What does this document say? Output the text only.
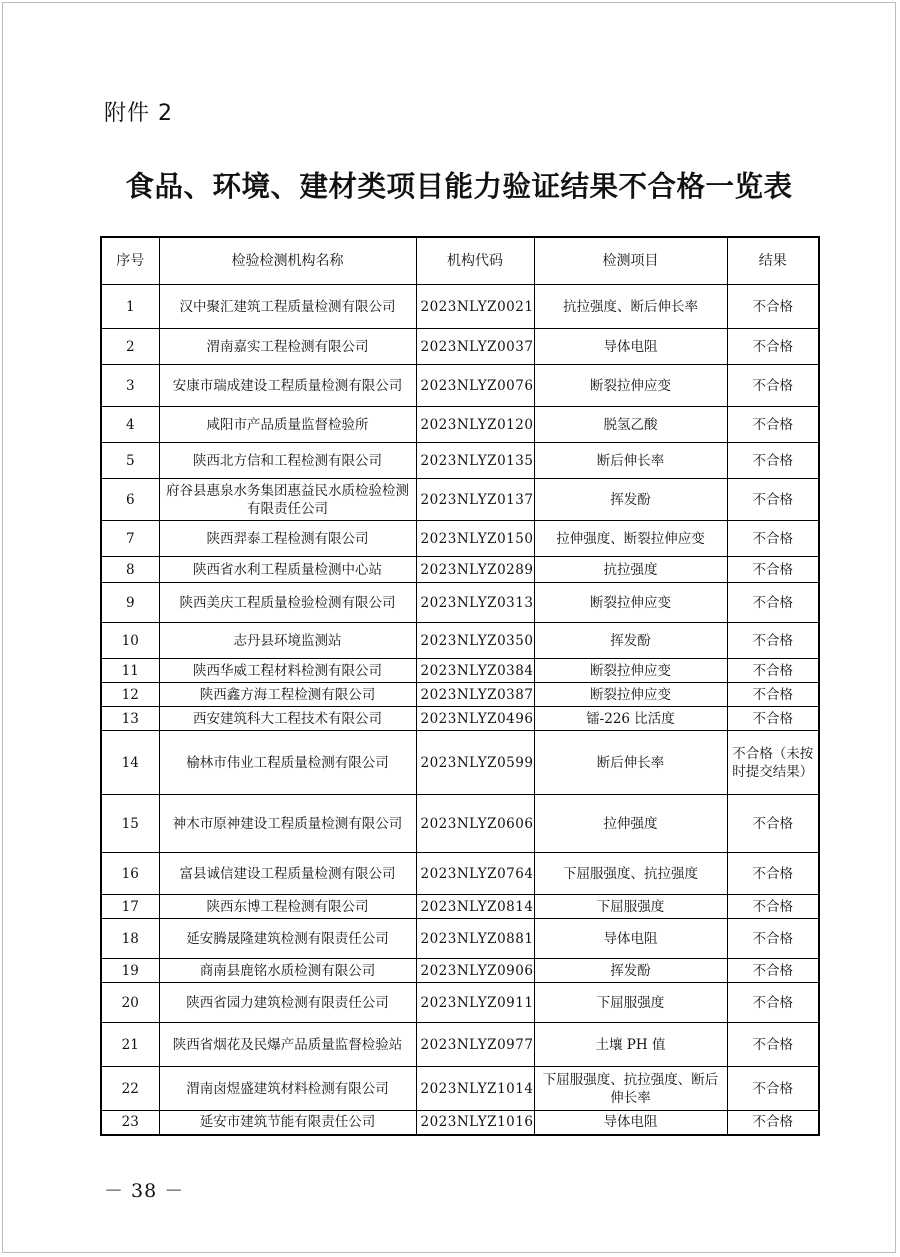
附件 2
食品、环境、建材类项目能力验证结果不合格一览表
序号	检验检测机构名称	机构代码	检测项目	结果
1	汉中聚汇建筑工程质量检测有限公司	2023NLYZ0021	抗拉强度、断后伸长率	不合格
2	渭南嘉实工程检测有限公司	2023NLYZ0037	导体电阻	不合格
3	安康市瑞成建设工程质量检测有限公司	2023NLYZ0076	断裂拉伸应变	不合格
4	咸阳市产品质量监督检验所	2023NLYZ0120	脱氢乙酸	不合格
5	陕西北方信和工程检测有限公司	2023NLYZ0135	断后伸长率	不合格
6	府谷县惠泉水务集团惠益民水质检验检测有限责任公司	2023NLYZ0137	挥发酚	不合格
7	陕西羿泰工程检测有限公司	2023NLYZ0150	拉伸强度、断裂拉伸应变	不合格
8	陕西省水利工程质量检测中心站	2023NLYZ0289	抗拉强度	不合格
9	陕西美庆工程质量检验检测有限公司	2023NLYZ0313	断裂拉伸应变	不合格
10	志丹县环境监测站	2023NLYZ0350	挥发酚	不合格
11	陕西华威工程材料检测有限公司	2023NLYZ0384	断裂拉伸应变	不合格
12	陕西鑫方海工程检测有限公司	2023NLYZ0387	断裂拉伸应变	不合格
13	西安建筑科大工程技术有限公司	2023NLYZ0496	镭-226 比活度	不合格
14	榆林市伟业工程质量检测有限公司	2023NLYZ0599	断后伸长率	不合格（未按时提交结果）
15	神木市原神建设工程质量检测有限公司	2023NLYZ0606	拉伸强度	不合格
16	富县诚信建设工程质量检测有限公司	2023NLYZ0764	下屈服强度、抗拉强度	不合格
17	陕西东博工程检测有限公司	2023NLYZ0814	下屈服强度	不合格
18	延安腾晟隆建筑检测有限责任公司	2023NLYZ0881	导体电阻	不合格
19	商南县鹿铭水质检测有限公司	2023NLYZ0906	挥发酚	不合格
20	陕西省园力建筑检测有限责任公司	2023NLYZ0911	下屈服强度	不合格
21	陕西省烟花及民爆产品质量监督检验站	2023NLYZ0977	土壤 PH 值	不合格
22	渭南卤煜盛建筑材料检测有限公司	2023NLYZ1014	下屈服强度、抗拉强度、断后伸长率	不合格
23	延安市建筑节能有限责任公司	2023NLYZ1016	导体电阻	不合格
－ 38 －
